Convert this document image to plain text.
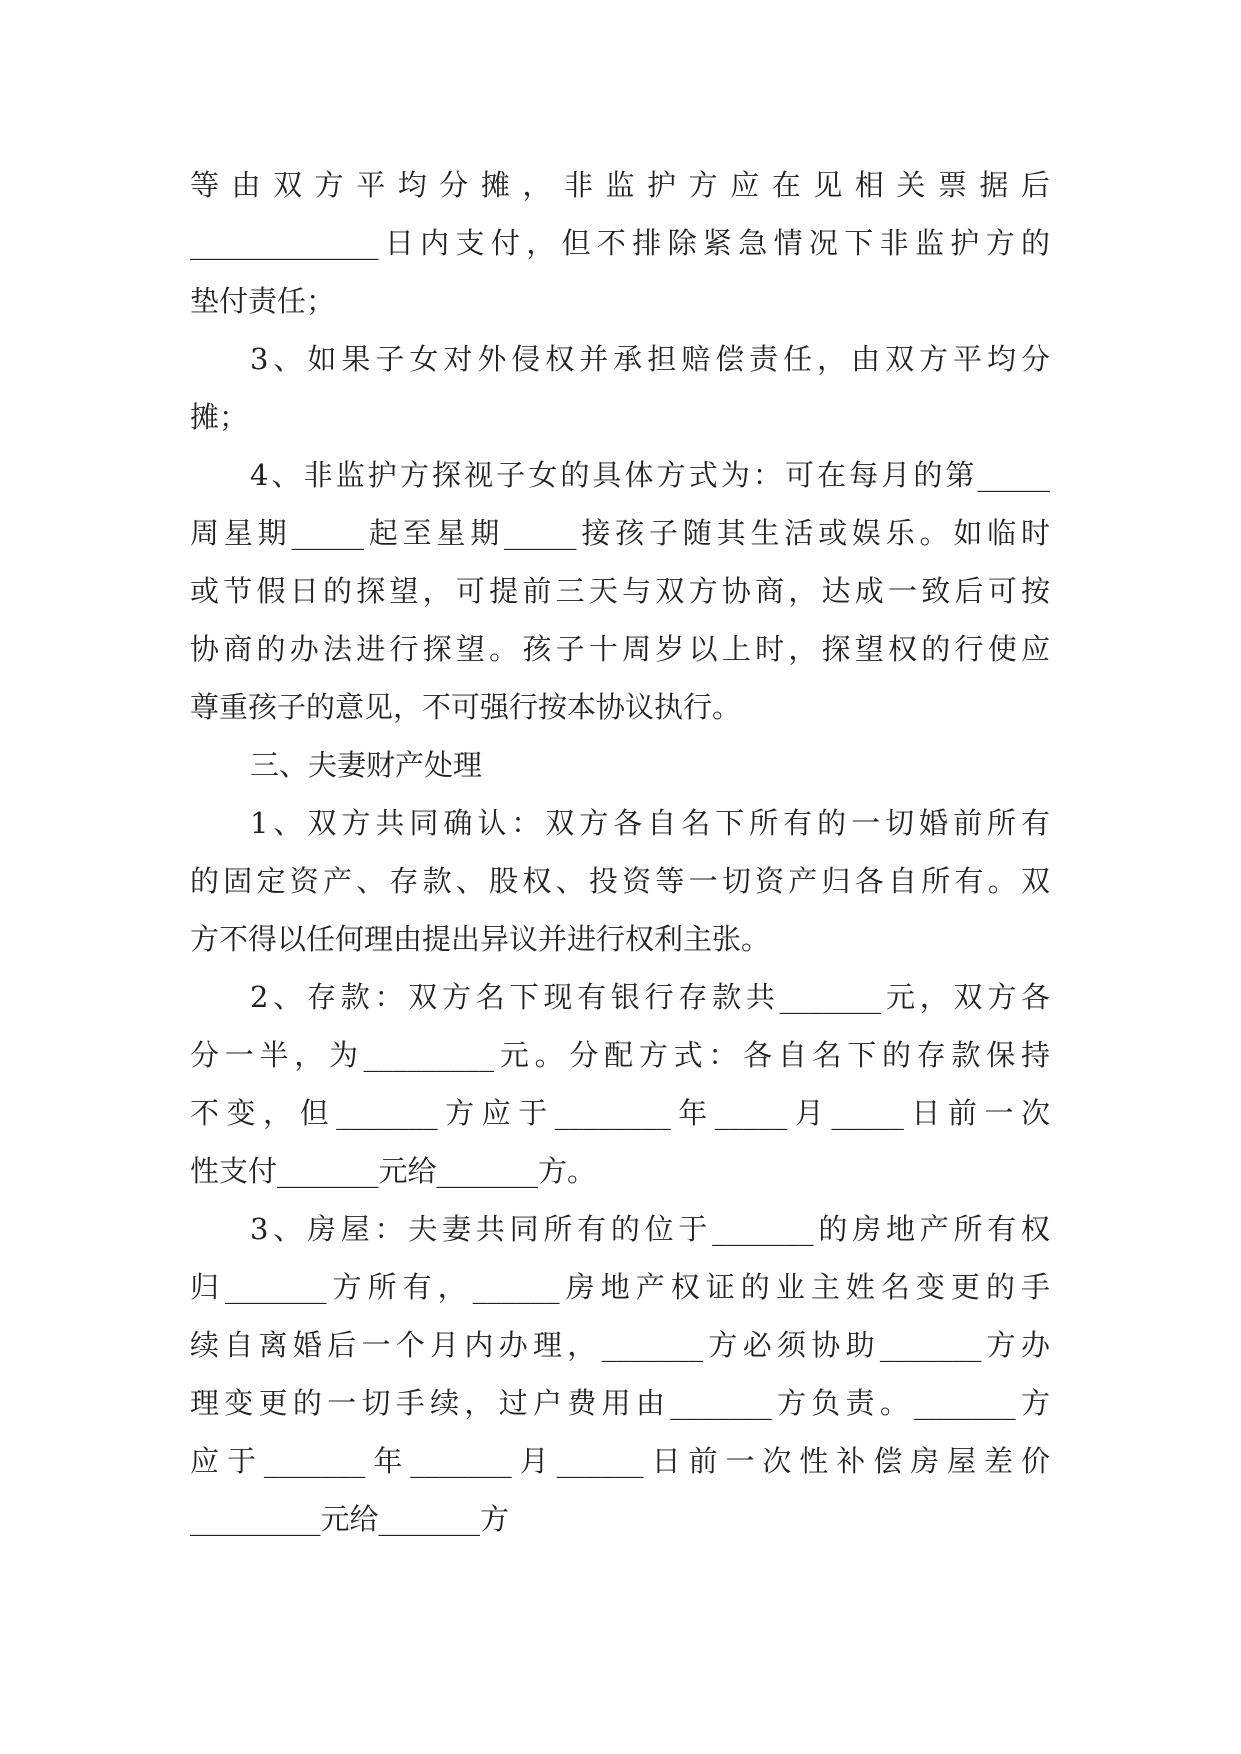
等由双方平均分摊，非监护方应在见相关票据后
_____________日内支付，但不排除紧急情况下非监护方的
垫付责任；
3、如果子女对外侵权并承担赔偿责任，由双方平均分
摊；
4、非监护方探视子女的具体方式为：可在每月的第_____
周星期_____起至星期_____接孩子随其生活或娱乐。如临时
或节假日的探望，可提前三天与双方协商，达成一致后可按
协商的办法进行探望。孩子十周岁以上时，探望权的行使应
尊重孩子的意见，不可强行按本协议执行。
三、夫妻财产处理
1、双方共同确认：双方各自名下所有的一切婚前所有
的固定资产、存款、股权、投资等一切资产归各自所有。双
方不得以任何理由提出异议并进行权利主张。
2、存款：双方名下现有银行存款共_______元，双方各
分一半，为_________元。分配方式：各自名下的存款保持
不变，但_______方应于________年_____月_____日前一次
性支付_______元给_______方。
3、房屋：夫妻共同所有的位于_______的房地产所有权
归_______方所有，______房地产权证的业主姓名变更的手
续自离婚后一个月内办理，_______方必须协助_______方办
理变更的一切手续，过户费用由_______方负责。_______方
应于_______年_______月______日前一次性补偿房屋差价
_________元给_______方
